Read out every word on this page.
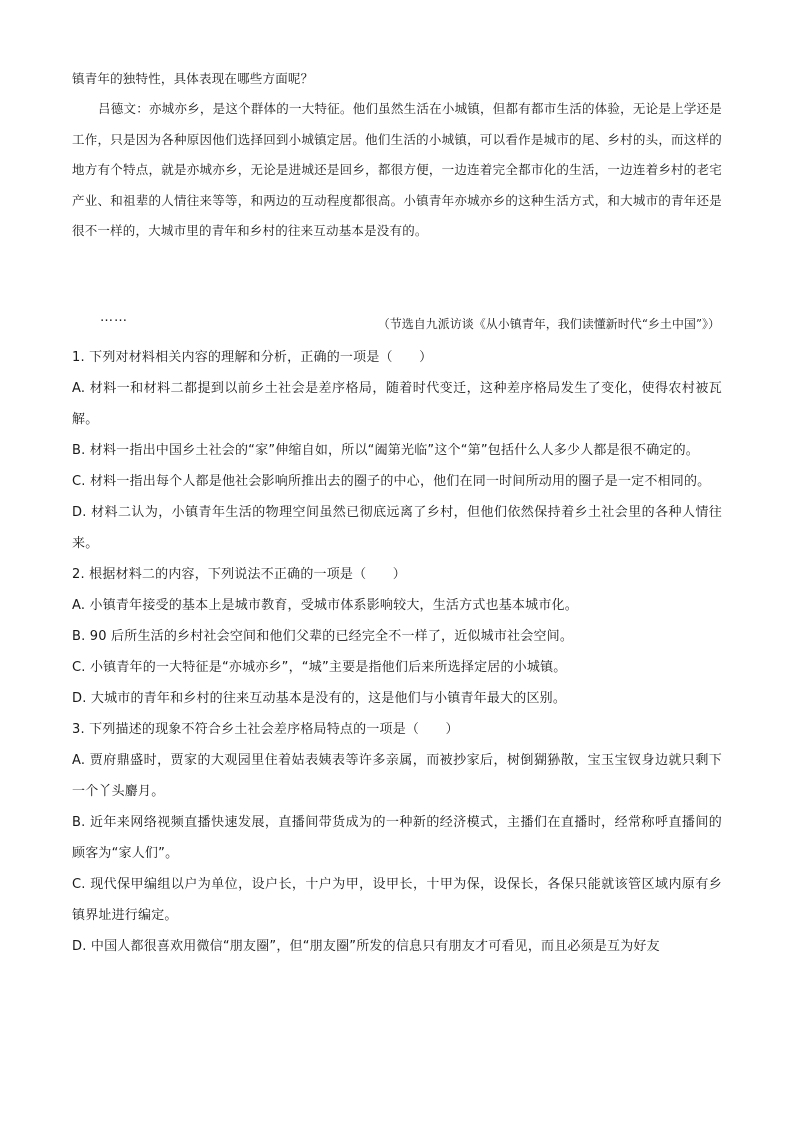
镇青年的独特性，具体表现在哪些方面呢？

吕德文：亦城亦乡，是这个群体的一大特征。他们虽然生活在小城镇，但都有都市生活的体验，无论是上学还是工作，只是因为各种原因他们选择回到小城镇定居。他们生活的小城镇，可以看作是城市的尾、乡村的头，而这样的地方有个特点，就是亦城亦乡，无论是进城还是回乡，都很方便，一边连着完全都市化的生活，一边连着乡村的老宅产业、和祖辈的人情往来等等，和两边的互动程度都很高。小镇青年亦城亦乡的这种生活方式，和大城市的青年还是很不一样的，大城市里的青年和乡村的往来互动基本是没有的。

……	（节选自九派访谈《从小镇青年，我们读懂新时代“乡土中国”》）
1. 下列对材料相关内容的理解和分析，正确的一项是（　　）
A. 材料一和材料二都提到以前乡土社会是差序格局，随着时代变迁，这种差序格局发生了变化，使得农村被瓦解。
B. 材料一指出中国乡土社会的“家”伸缩自如，所以“阖第光临”这个“第”包括什么人多少人都是很不确定的。
C. 材料一指出每个人都是他社会影响所推出去的圈子的中心，他们在同一时间所动用的圈子是一定不相同的。
D. 材料二认为，小镇青年生活的物理空间虽然已彻底远离了乡村，但他们依然保持着乡土社会里的各种人情往来。
2. 根据材料二的内容，下列说法不正确的一项是（　　）
A. 小镇青年接受的基本上是城市教育，受城市体系影响较大，生活方式也基本城市化。
B. 90 后所生活的乡村社会空间和他们父辈的已经完全不一样了，近似城市社会空间。
C. 小镇青年的一大特征是“亦城亦乡”，“城”主要是指他们后来所选择定居的小城镇。
D. 大城市的青年和乡村的往来互动基本是没有的，这是他们与小镇青年最大的区别。
3. 下列描述的现象不符合乡土社会差序格局特点的一项是（　　）
A. 贾府鼎盛时，贾家的大观园里住着姑表姨表等许多亲属，而被抄家后，树倒猢狲散，宝玉宝钗身边就只剩下一个丫头麝月。
B. 近年来网络视频直播快速发展，直播间带货成为的一种新的经济模式，主播们在直播时，经常称呼直播间的顾客为“家人们”。
C. 现代保甲编组以户为单位，设户长，十户为甲，设甲长，十甲为保，设保长，各保只能就该管区域内原有乡镇界址进行编定。
D. 中国人都很喜欢用微信“朋友圈”，但“朋友圈”所发的信息只有朋友才可看见，而且必须是互为好友
